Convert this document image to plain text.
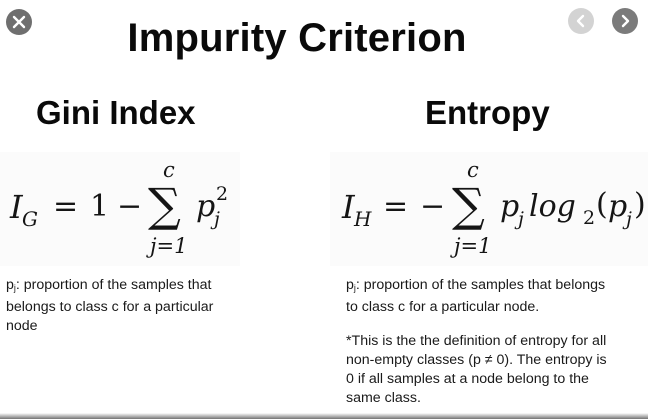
Impurity Criterion
Gini Index	Entropy
I G = 1 −
c
∑
j=1
p
j
2	I H = −
c
∑
j=1
p
j log 2 ( p
j )
$p_j$: proportion of the samples that
belongs to class c for a particular
node
$p_j$: proportion of the samples that belongs
to class c for a particular node.
*This is the the definition of entropy for all
non-empty classes (p ≠ 0). The entropy is
0 if all samples at a node belong to the
same class.
